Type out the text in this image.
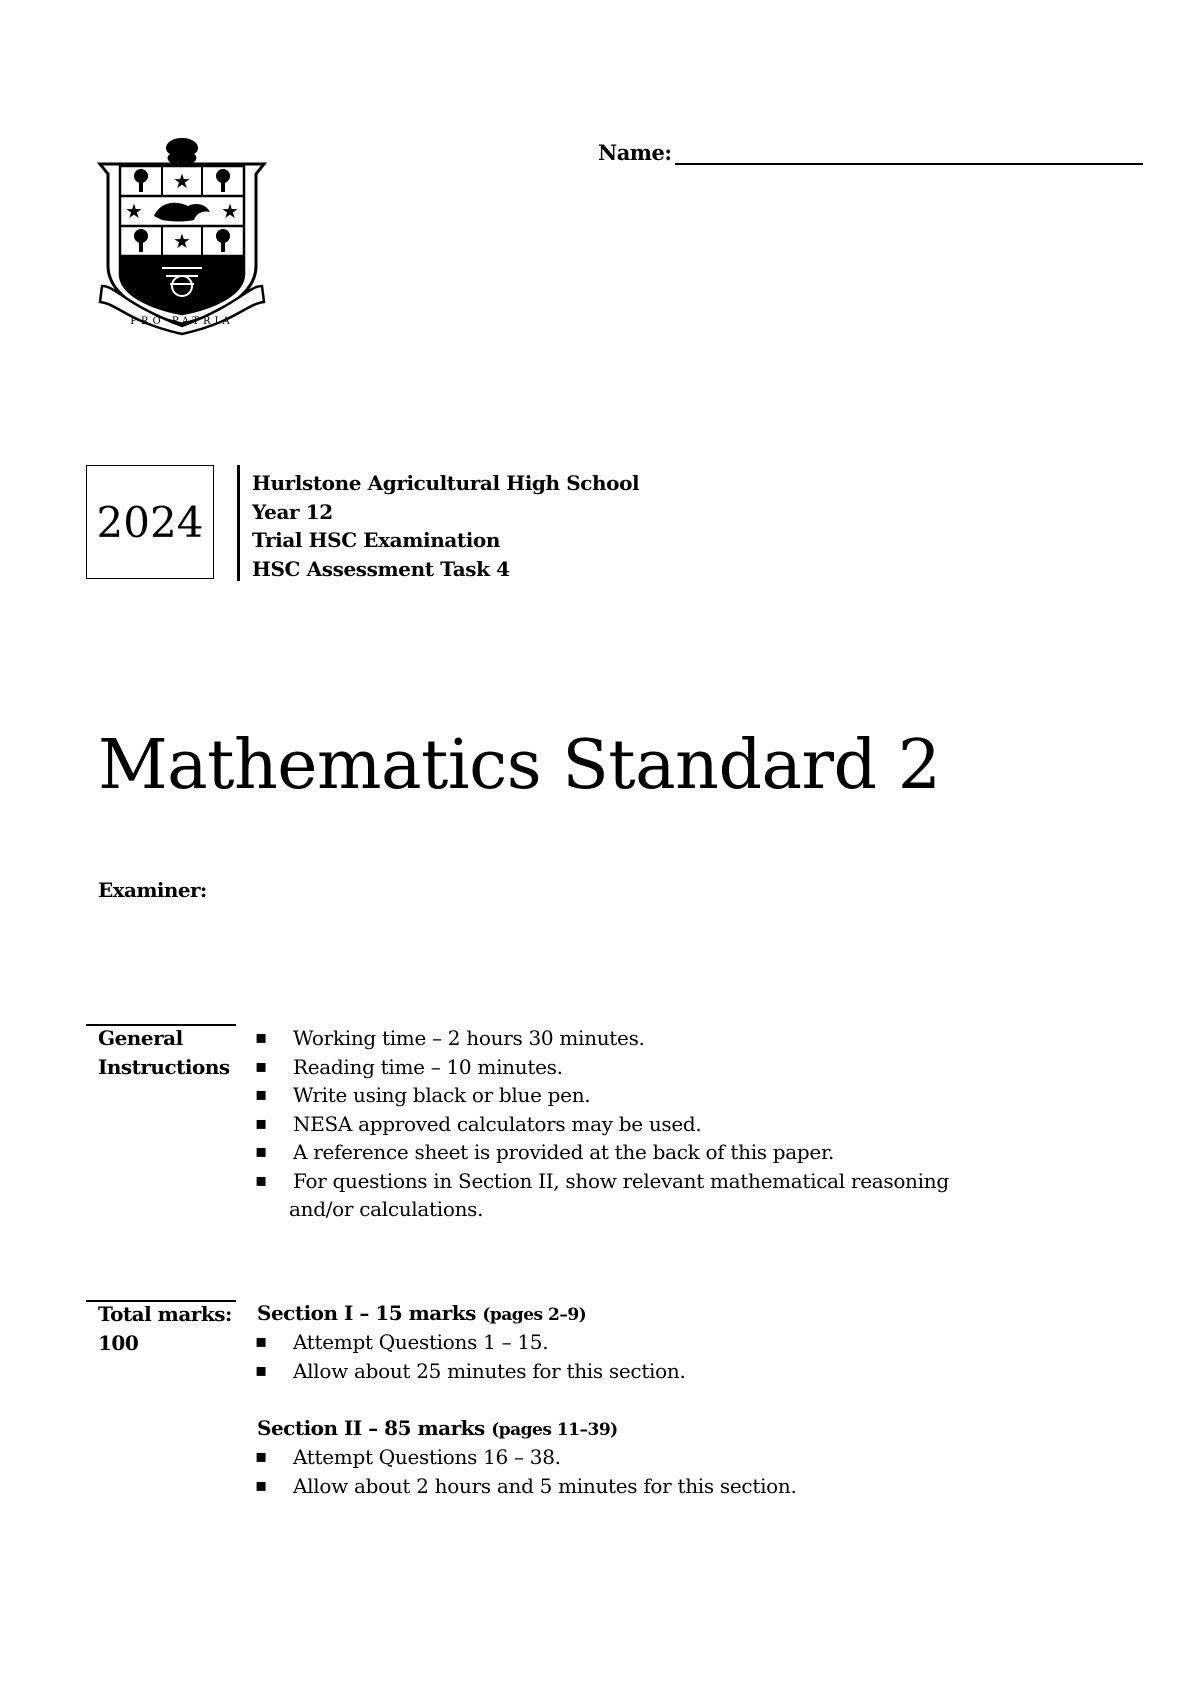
★
★
★	★
PRO PATRIA
Name:
2024
Hurlstone Agricultural High School
Year 12
Trial HSC Examination
HSC Assessment Task 4
Mathematics Standard 2
Examiner:
General
Instructions
▪ Working time – 2 hours 30 minutes.
▪ Reading time – 10 minutes.
▪ Write using black or blue pen.
▪ NESA approved calculators may be used.
▪ A reference sheet is provided at the back of this paper.
▪ For questions in Section II, show relevant mathematical reasoning
and/or calculations.
Total marks:
100
Section I – 15 marks (pages 2–9)
▪ Attempt Questions 1 – 15.
▪ Allow about 25 minutes for this section.
Section II – 85 marks (pages 11–39)
▪ Attempt Questions 16 – 38.
▪ Allow about 2 hours and 5 minutes for this section.
